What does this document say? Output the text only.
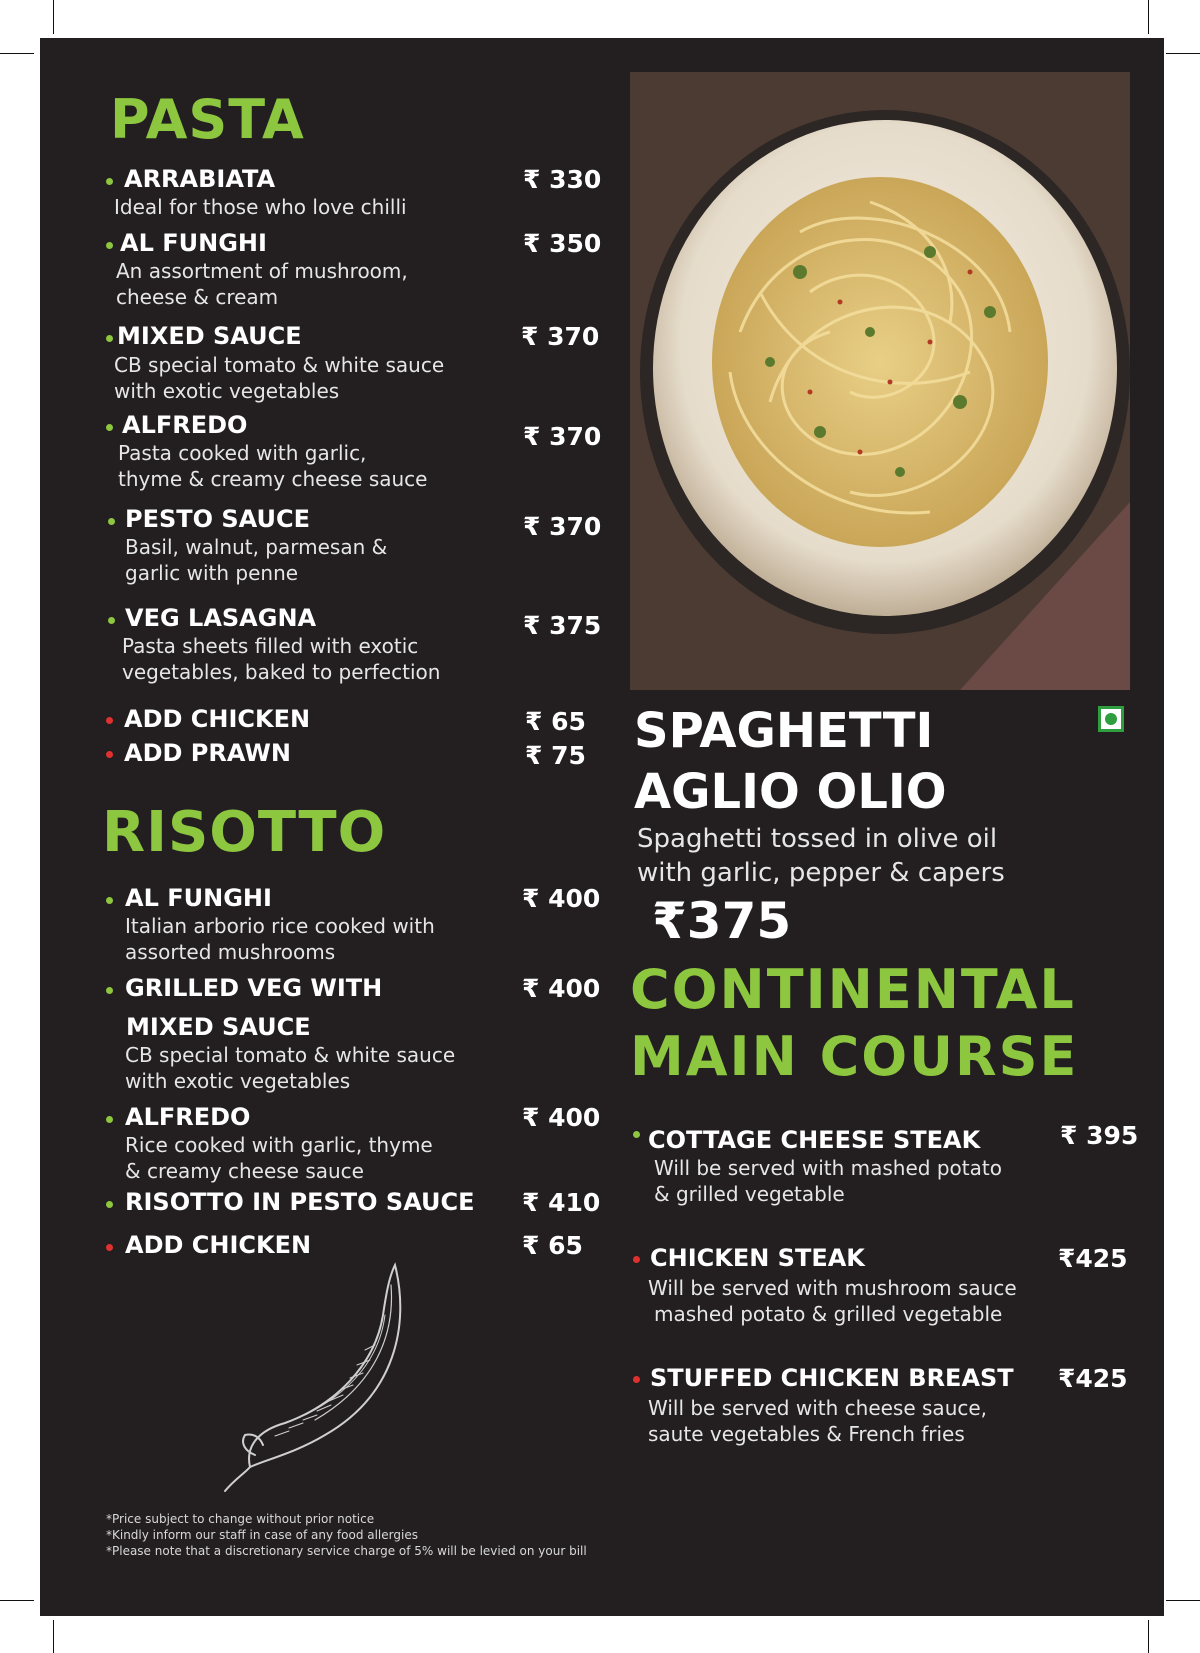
PASTA
ARRABIATA	₹ 330
Ideal for those who love chilli
AL FUNGHI	₹ 350
An assortment of mushroom,
cheese & cream
MIXED SAUCE	₹ 370
CB special tomato & white sauce
with exotic vegetables
ALFREDO	₹ 370
Pasta cooked with garlic,
thyme & creamy cheese sauce
PESTO SAUCE	₹ 370
Basil, walnut, parmesan &
garlic with penne
VEG LASAGNA	₹ 375
Pasta sheets filled with exotic
vegetables, baked to perfection
ADD CHICKEN	₹ 65
ADD PRAWN	₹ 75
RISOTTO
AL FUNGHI	₹ 400
Italian arborio rice cooked with
assorted mushrooms
GRILLED VEG WITH
MIXED SAUCE
₹ 400
CB special tomato & white sauce
with exotic vegetables
ALFREDO	₹ 400
Rice cooked with garlic, thyme
& creamy cheese sauce
RISOTTO IN PESTO SAUCE ₹ 410
ADD CHICKEN	₹ 65
*Price subject to change without prior notice
*Kindly inform our staff in case of any food allergies
*Please note that a discretionary service charge of 5% will be levied on your bill
SPAGHETTI
AGLIO OLIO
Spaghetti tossed in olive oil
with garlic, pepper & capers
₹375
CONTINENTAL
MAIN COURSE
COTTAGE CHEESE STEAK	₹ 395
Will be served with mashed potato
& grilled vegetable
CHICKEN STEAK	₹425
Will be served with mushroom sauce
mashed potato & grilled vegetable
STUFFED CHICKEN BREAST ₹425
Will be served with cheese sauce,
saute vegetables & French fries
